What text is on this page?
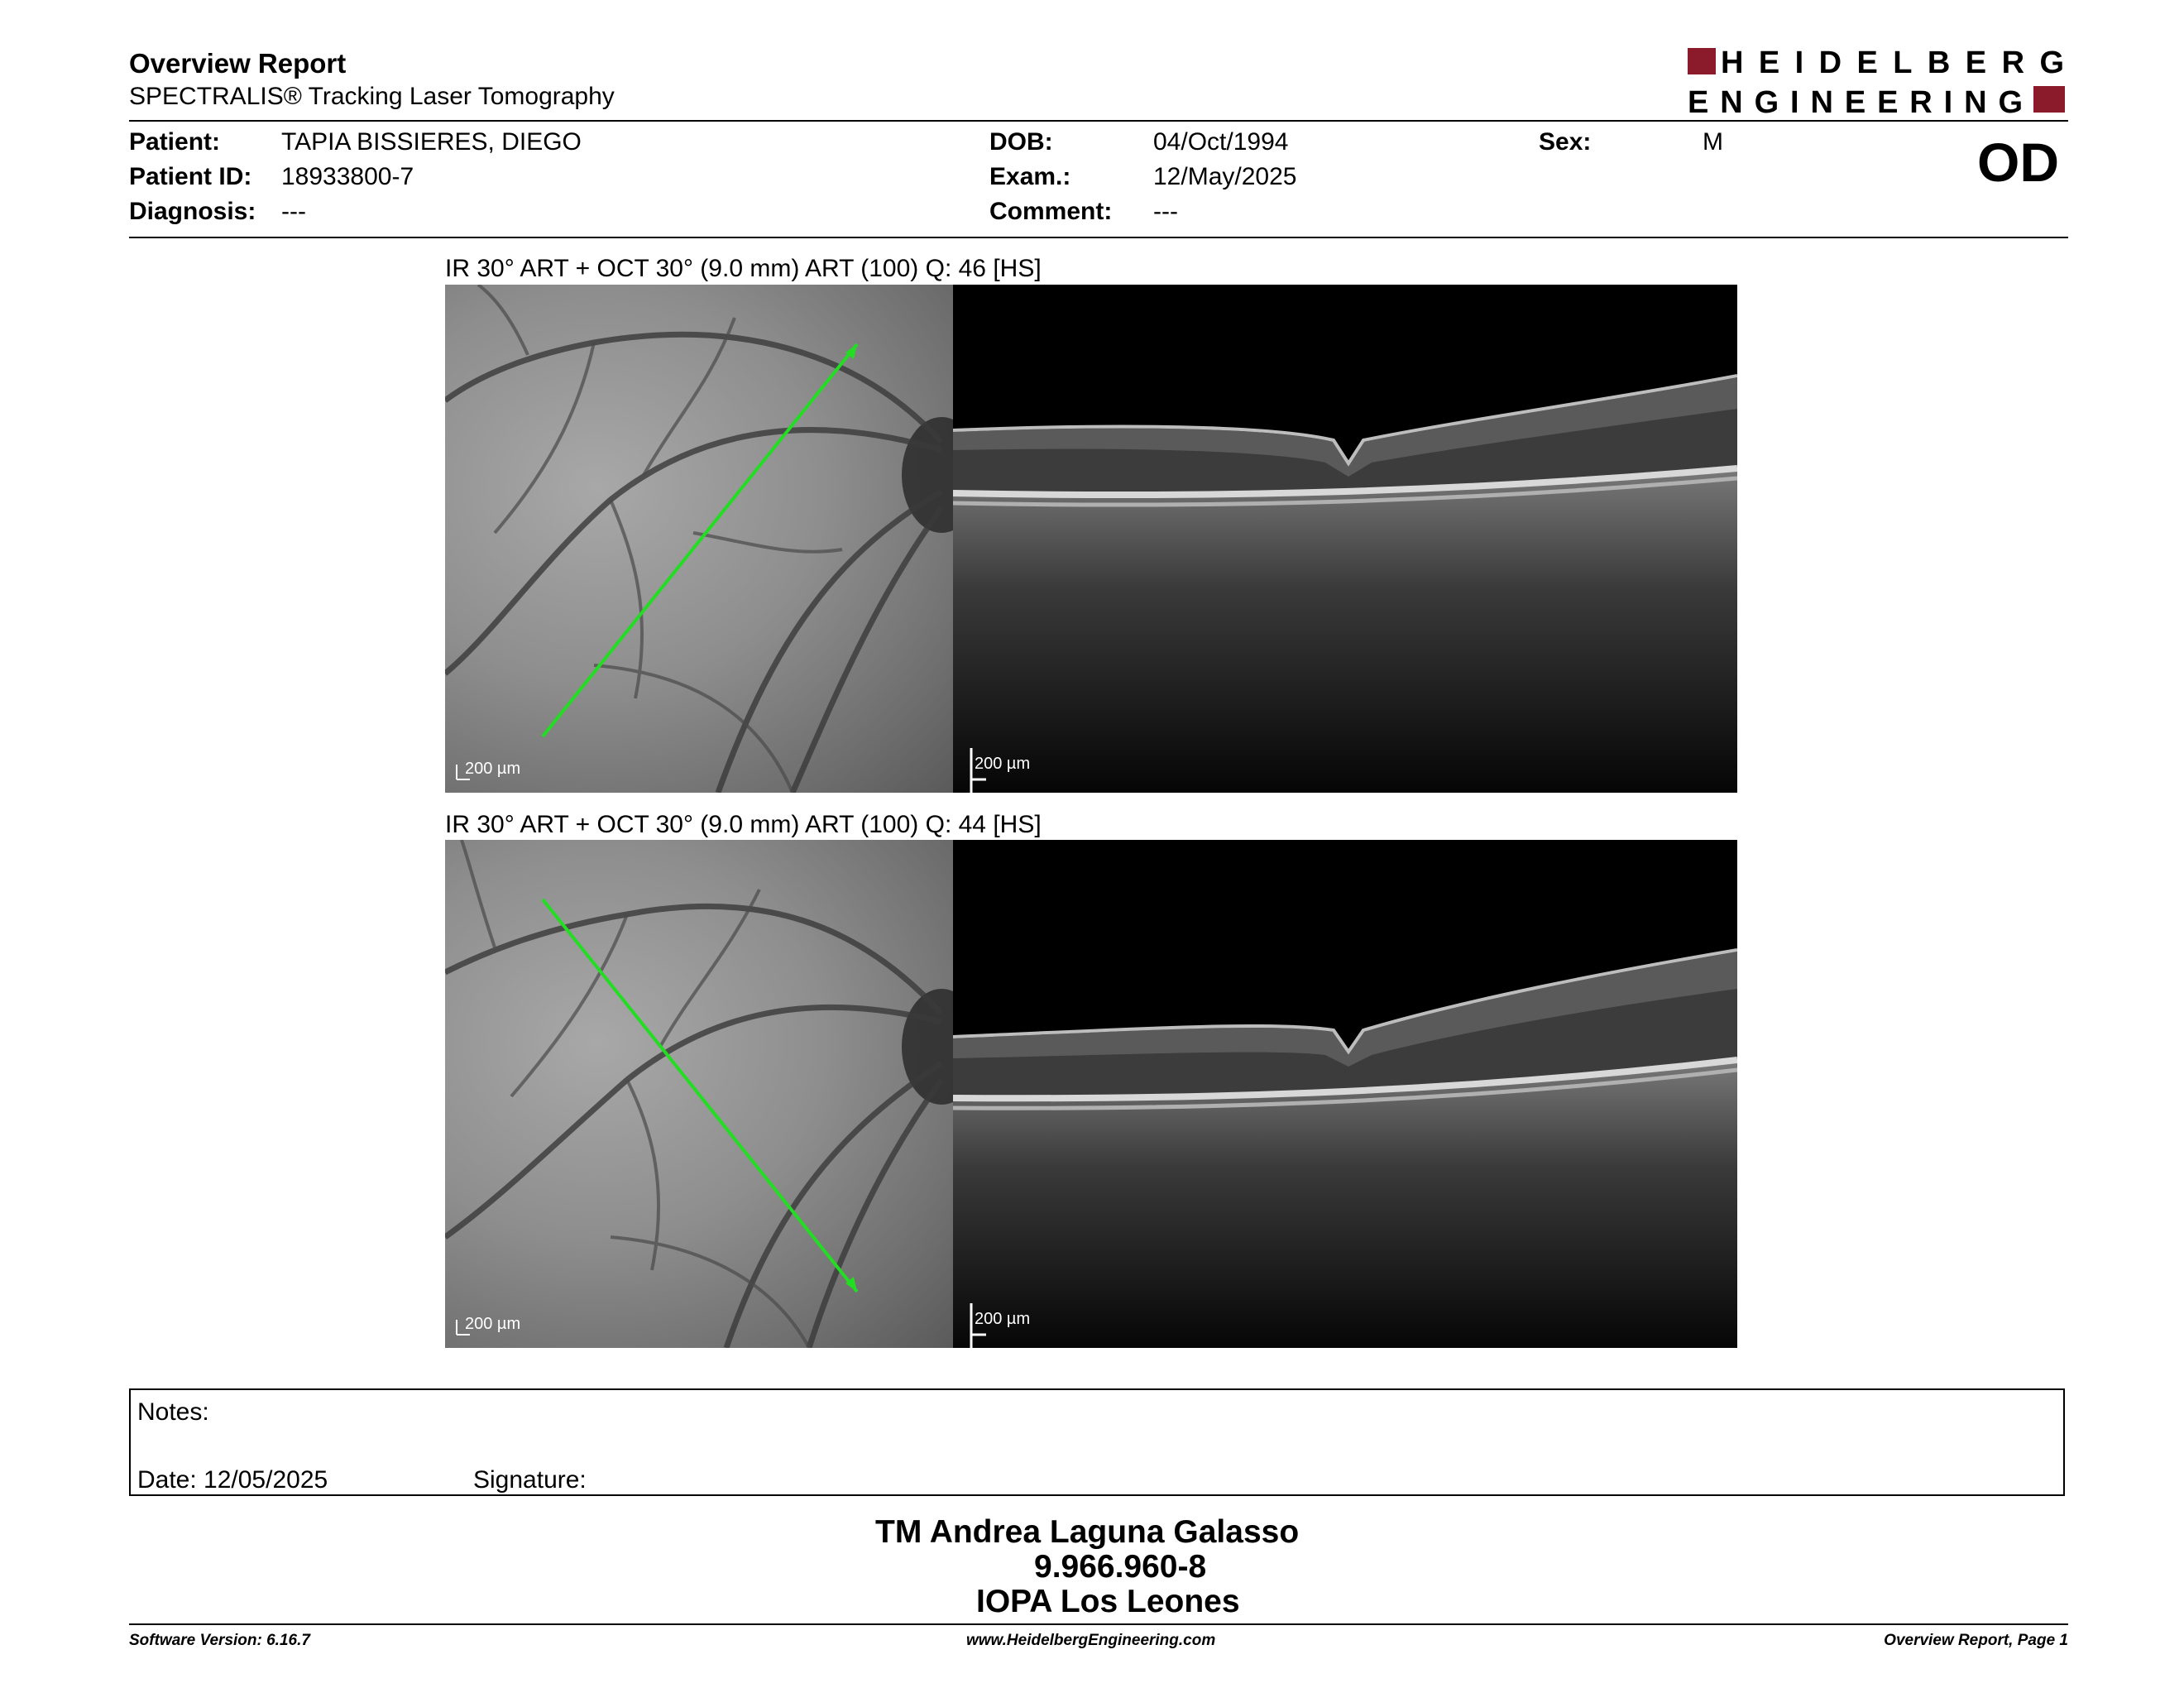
Overview Report
SPECTRALIS® Tracking Laser Tomography
HEIDELBERG
ENGINEERING
Patient: TAPIA BISSIERES, DIEGO
Patient ID: 18933800-7
Diagnosis: ---
DOB:	04/Oct/1994
Exam.:	12/May/2025
Comment: ---
Sex:	M	OD
IR 30° ART + OCT 30° (9.0 mm) ART (100) Q: 46 [HS]
200 µm	200 µm
IR 30° ART + OCT 30° (9.0 mm) ART (100) Q: 44 [HS]
200 µm	200 µm
Notes:
Date: 12/05/2025	Signature:
TM Andrea Laguna Galasso
9.966.960-8
IOPA Los Leones
Software Version: 6.16.7	www.HeidelbergEngineering.com	Overview Report, Page 1
